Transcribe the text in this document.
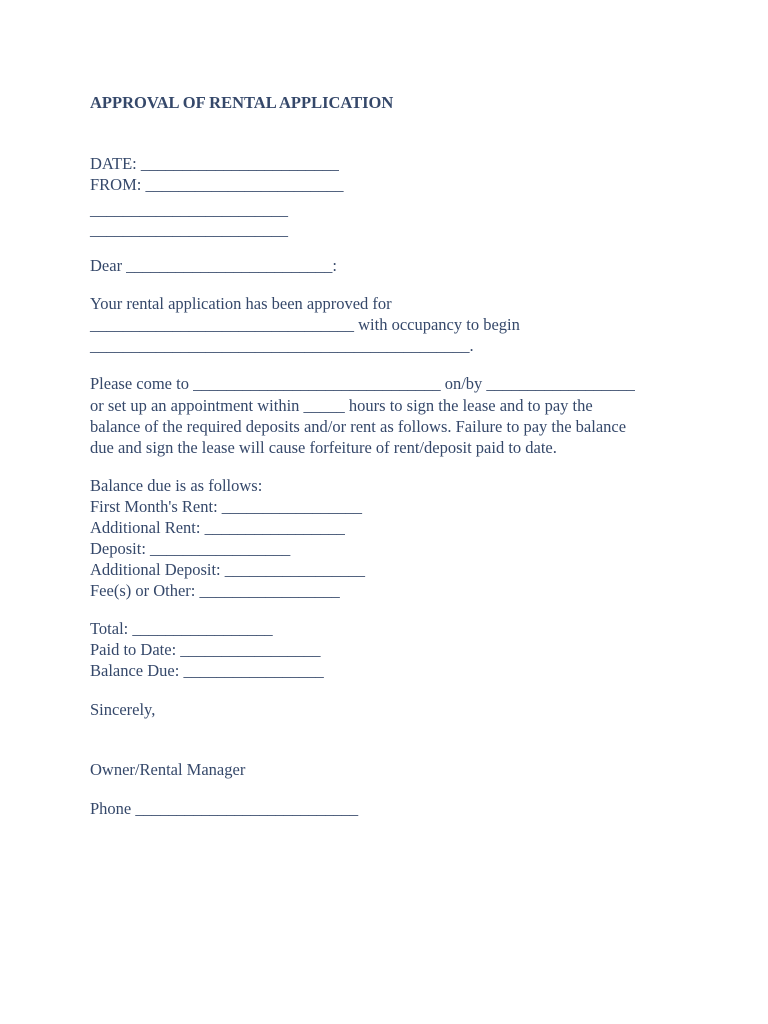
APPROVAL OF RENTAL APPLICATION
DATE: ________________________
FROM: ________________________
________________________
________________________
Dear _________________________:
Your rental application has been approved for
________________________________ with occupancy to begin
______________________________________________.
Please come to ______________________________ on/by __________________
or set up an appointment within _____ hours to sign the lease and to pay the
balance of the required deposits and/or rent as follows. Failure to pay the balance
due and sign the lease will cause forfeiture of rent/deposit paid to date.
Balance due is as follows:
First Month's Rent: _________________
Additional Rent: _________________
Deposit: _________________
Additional Deposit: _________________
Fee(s) or Other: _________________
Total: _________________
Paid to Date: _________________
Balance Due: _________________
Sincerely,
Owner/Rental Manager
Phone ___________________________
